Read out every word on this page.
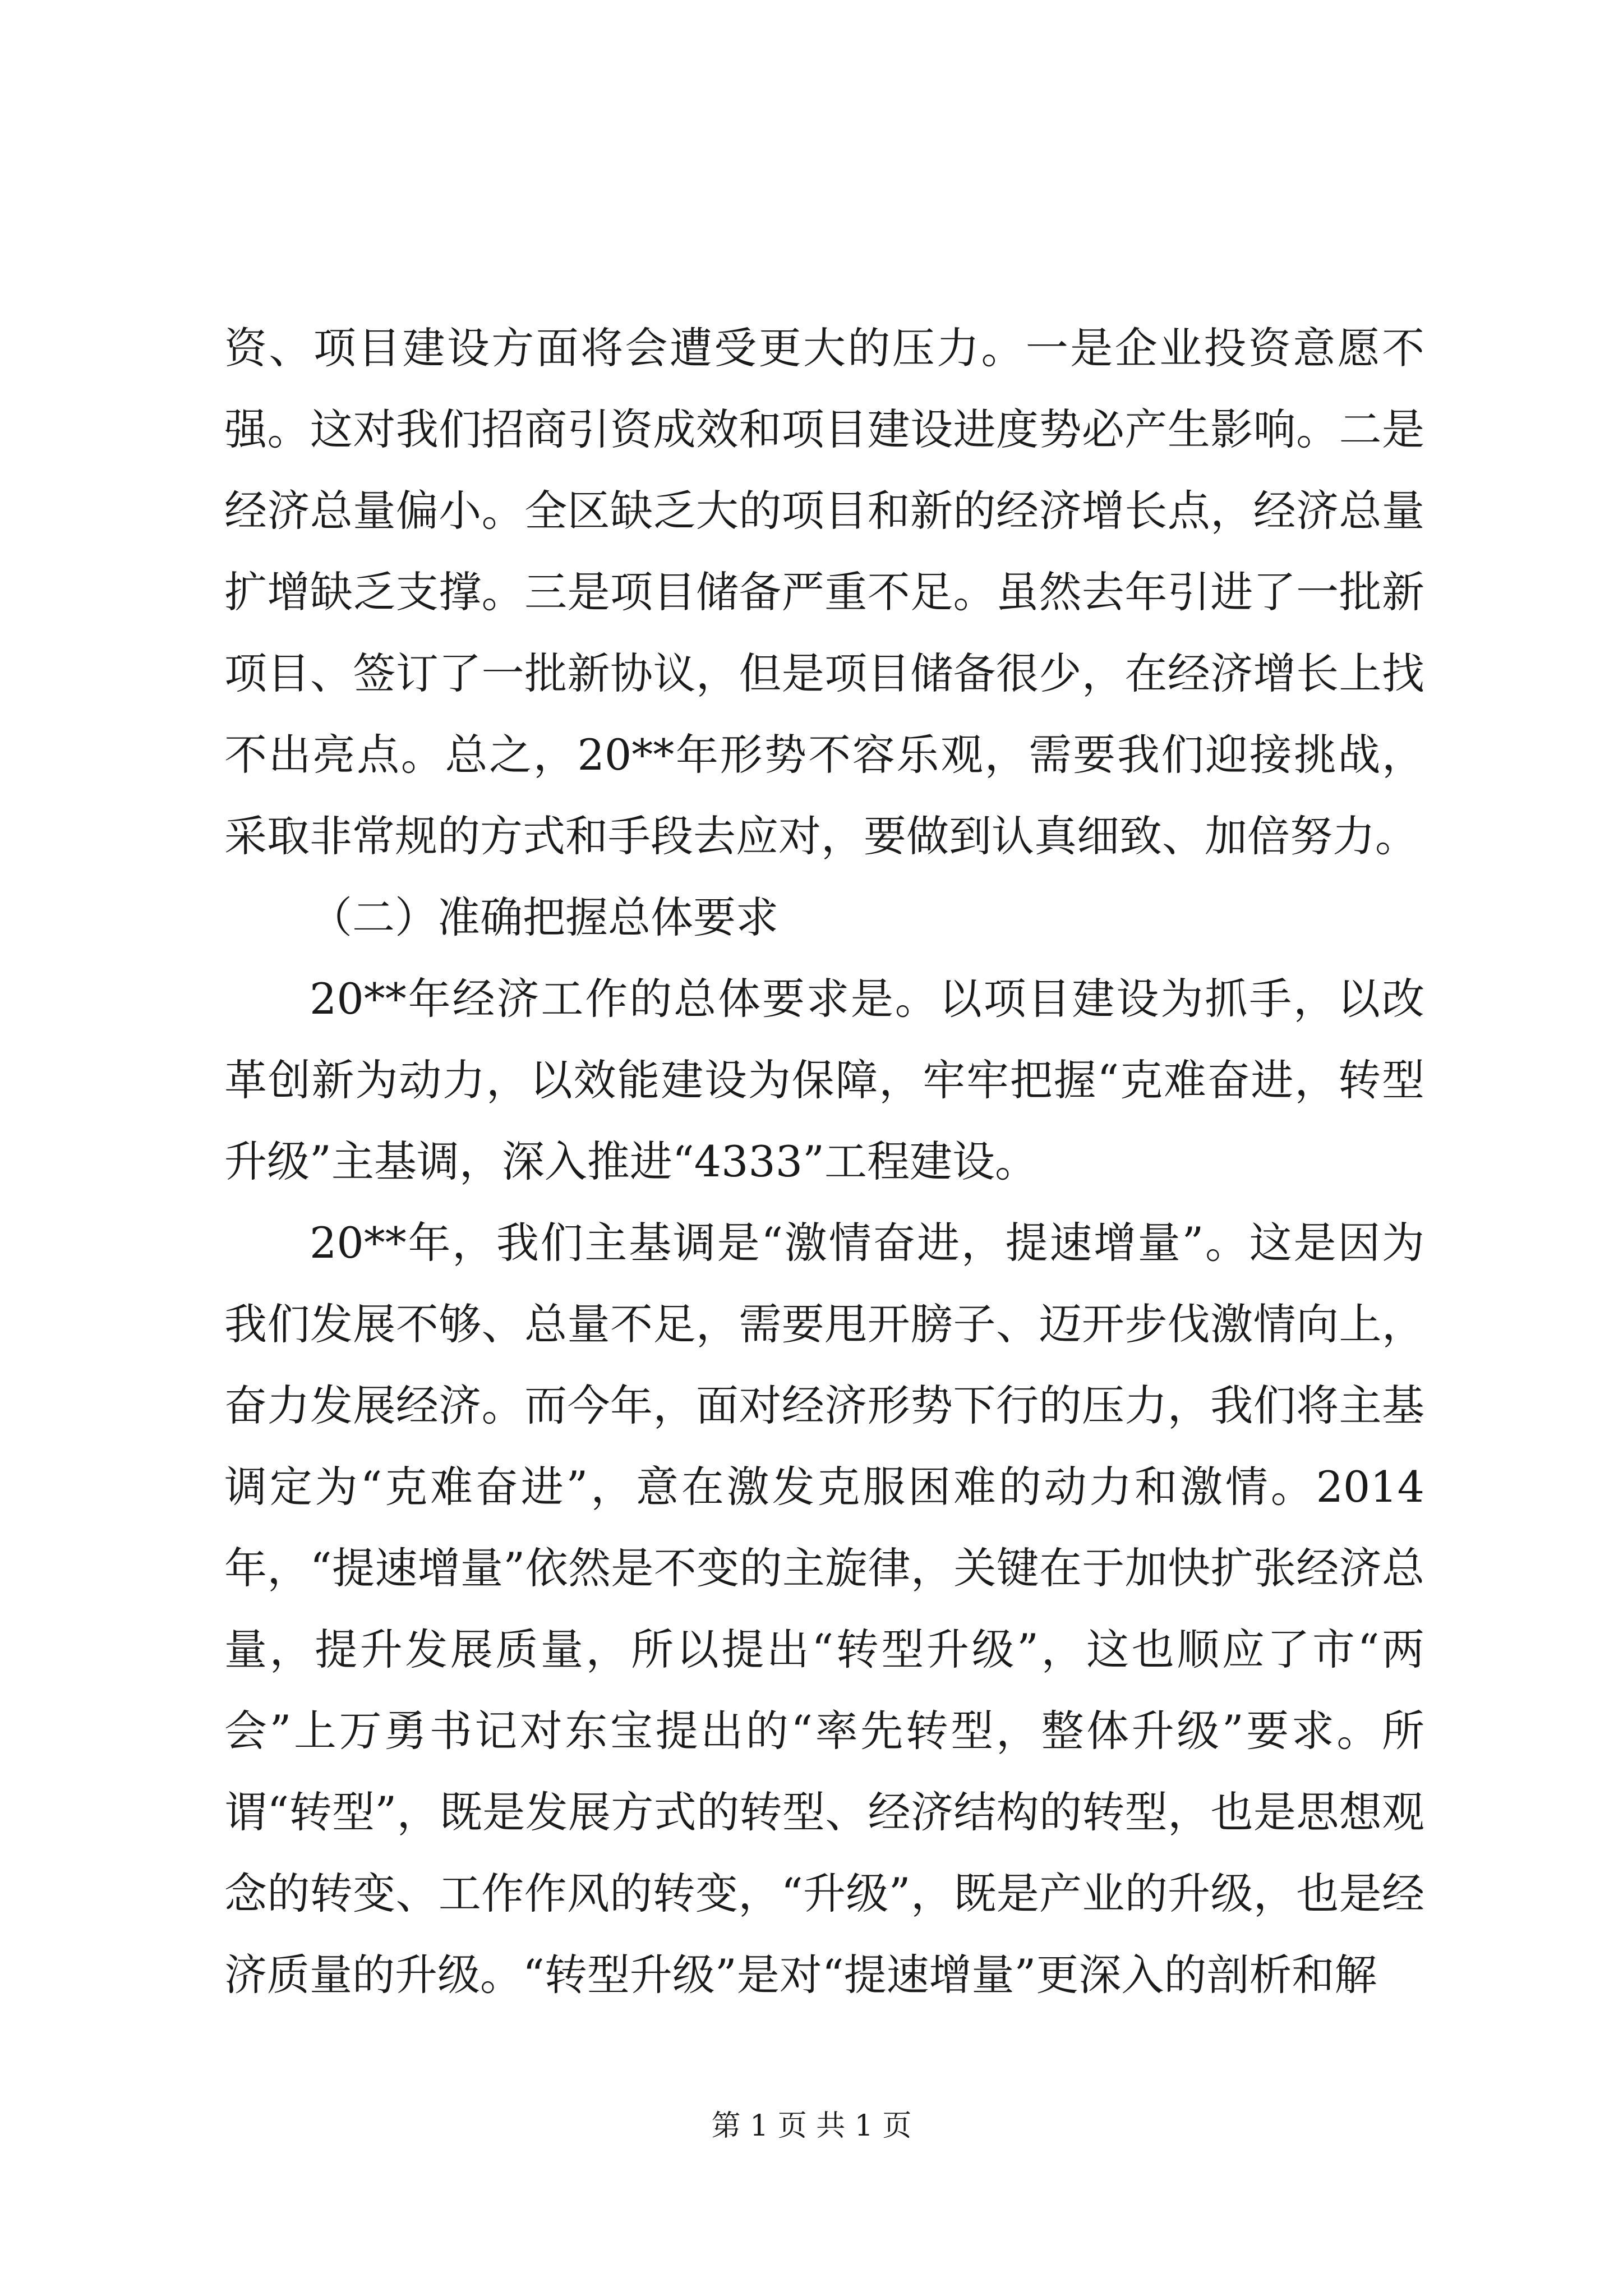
资、项目建设方面将会遭受更大的压力。一是企业投资意愿不强。这对我们招商引资成效和项目建设进度势必产生影响。二是经济总量偏小。全区缺乏大的项目和新的经济增长点，经济总量扩增缺乏支撑。三是项目储备严重不足。虽然去年引进了一批新项目、签订了一批新协议，但是项目储备很少，在经济增长上找不出亮点。总之，20**年形势不容乐观，需要我们迎接挑战，采取非常规的方式和手段去应对，要做到认真细致、加倍努力。

（二）准确把握总体要求

20**年经济工作的总体要求是。以项目建设为抓手，以改革创新为动力，以效能建设为保障，牢牢把握“克难奋进，转型升级”主基调，深入推进“4333”工程建设。

20**年，我们主基调是“激情奋进，提速增量”。这是因为我们发展不够、总量不足，需要甩开膀子、迈开步伐激情向上，奋力发展经济。而今年，面对经济形势下行的压力，我们将主基调定为“克难奋进”，意在激发克服困难的动力和激情。2014年，“提速增量”依然是不变的主旋律，关键在于加快扩张经济总量，提升发展质量，所以提出“转型升级”，这也顺应了市“两会”上万勇书记对东宝提出的“率先转型，整体升级”要求。所谓“转型”，既是发展方式的转型、经济结构的转型，也是思想观念的转变、工作作风的转变，“升级”，既是产业的升级，也是经济质量的升级。“转型升级”是对“提速增量”更深入的剖析和解

第 1 页 共 1 页
